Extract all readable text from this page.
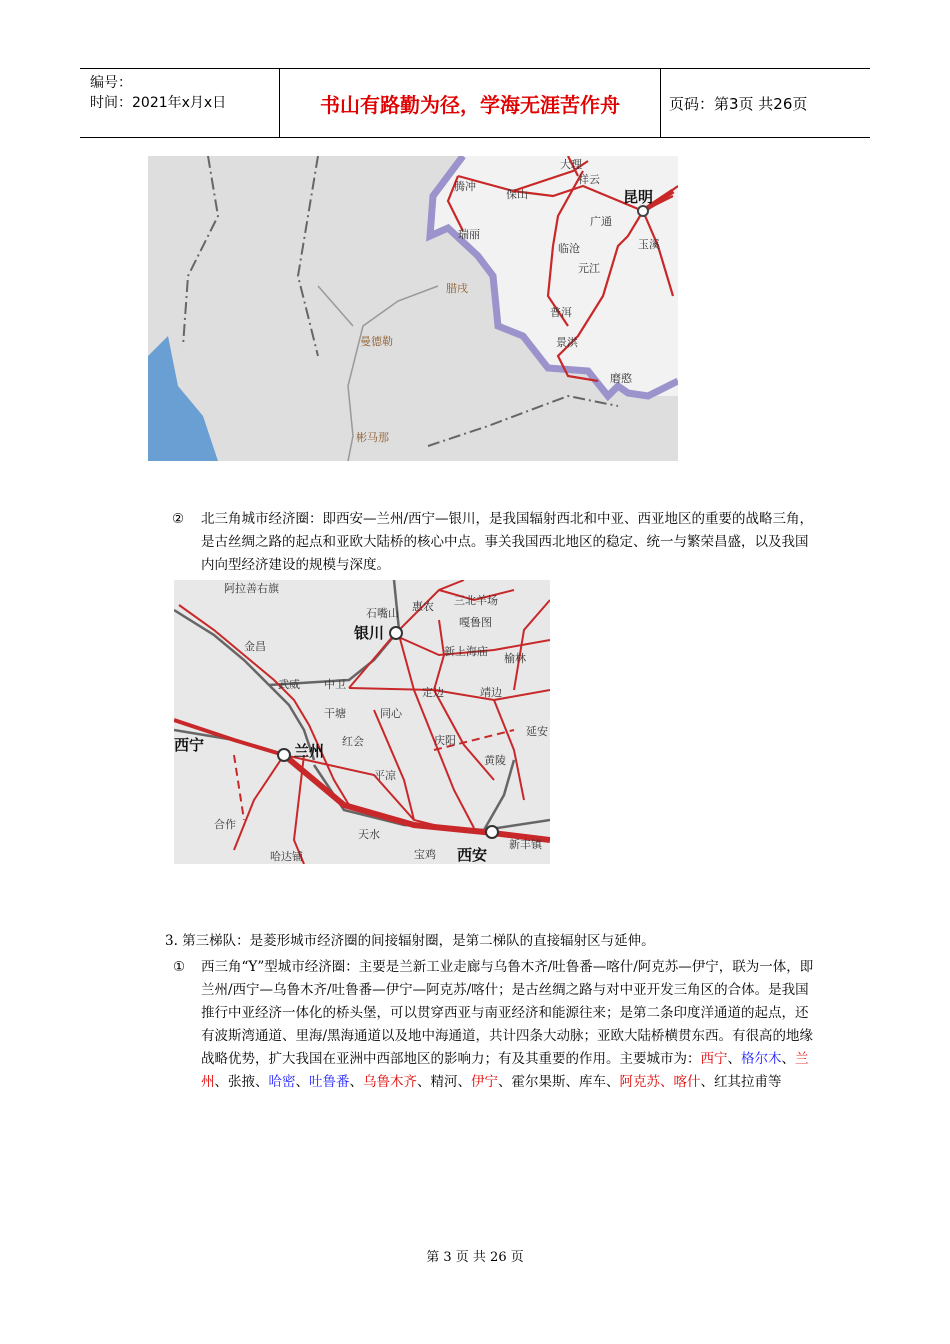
编号：
时间：2021年x月x日	书山有路勤为径，学海无涯苦作舟	页码：第3页 共26页
大理
腾冲
保山
祥云
昆明
广通
玉溪
瑞丽
临沧
元江
腊戌
曼德勒
普洱
景洪
磨憨
彬马那
② 北三角城市经济圈：即西安—兰州/西宁—银川，是我国辐射西北和中亚、西亚地区的重要的战略三角，是古丝绸之路的起点和亚欧大陆桥的核心中点。事关我国西北地区的稳定、统一与繁荣昌盛，以及我国内向型经济建设的规模与深度。
阿拉善右旗
石嘴山
惠农 三北羊场
银川
嘎鲁图
金昌	新上海庙
榆林
武威 中卫
定边	靖边
干塘	同心
延安
西宁	兰州
红会	庆阳
黄陵
平凉
合作
天水
宝鸡 西安
新丰镇
哈达铺
3. 第三梯队：是菱形城市经济圈的间接辐射圈，是第二梯队的直接辐射区与延伸。
① 西三角“Y”型城市经济圈：主要是兰新工业走廊与乌鲁木齐/吐鲁番—喀什/阿克苏—伊宁，联为一体，即兰州/西宁—乌鲁木齐/吐鲁番—伊宁—阿克苏/喀什；是古丝绸之路与对中亚开发三角区的合体。是我国推行中亚经济一体化的桥头堡，可以贯穿西亚与南亚经济和能源往来；是第二条印度洋通道的起点，还有波斯湾通道、里海/黑海通道以及地中海通道，共计四条大动脉；亚欧大陆桥横贯东西。有很高的地缘战略优势，扩大我国在亚洲中西部地区的影响力；有及其重要的作用。主要城市为：西宁、格尔木、兰州、张掖、哈密、吐鲁番、乌鲁木齐、精河、伊宁、霍尔果斯、库车、阿克苏、喀什、红其拉甫等
第 3 页 共 26 页
